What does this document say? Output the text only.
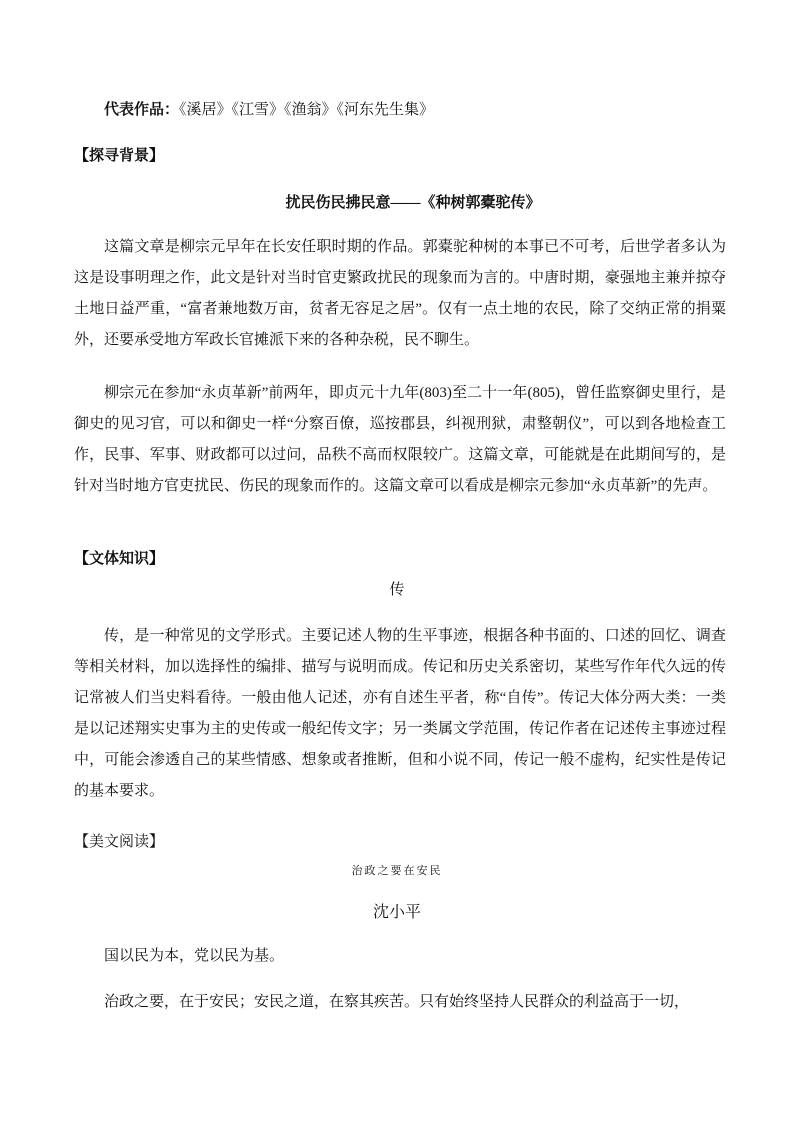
代表作品：《溪居》《江雪》《渔翁》《河东先生集》
【探寻背景】
扰民伤民拂民意——《种树郭橐驼传》
这篇文章是柳宗元早年在长安任职时期的作品。郭橐驼种树的本事已不可考，后世学者多认为这是设事明理之作，此文是针对当时官吏繁政扰民的现象而为言的。中唐时期，豪强地主兼并掠夺土地日益严重，“富者兼地数万亩，贫者无容足之居”。仅有一点土地的农民，除了交纳正常的捐粟外，还要承受地方军政长官摊派下来的各种杂税，民不聊生。
柳宗元在参加“永贞革新”前两年，即贞元十九年(803)至二十一年(805)，曾任监察御史里行，是御史的见习官，可以和御史一样“分察百僚，巡按郡县，纠视刑狱，肃整朝仪”，可以到各地检查工作，民事、军事、财政都可以过问，品秩不高而权限较广。这篇文章，可能就是在此期间写的，是针对当时地方官吏扰民、伤民的现象而作的。这篇文章可以看成是柳宗元参加“永贞革新”的先声。
【文体知识】
传
传，是一种常见的文学形式。主要记述人物的生平事迹，根据各种书面的、口述的回忆、调查等相关材料，加以选择性的编排、描写与说明而成。传记和历史关系密切，某些写作年代久远的传记常被人们当史料看待。一般由他人记述，亦有自述生平者，称“自传”。传记大体分两大类：一类是以记述翔实史事为主的史传或一般纪传文字；另一类属文学范围，传记作者在记述传主事迹过程中，可能会渗透自己的某些情感、想象或者推断，但和小说不同，传记一般不虚构，纪实性是传记的基本要求。
【美文阅读】
治政之要在安民
沈小平
国以民为本，党以民为基。
治政之要，在于安民；安民之道，在察其疾苦。只有始终坚持人民群众的利益高于一切，
